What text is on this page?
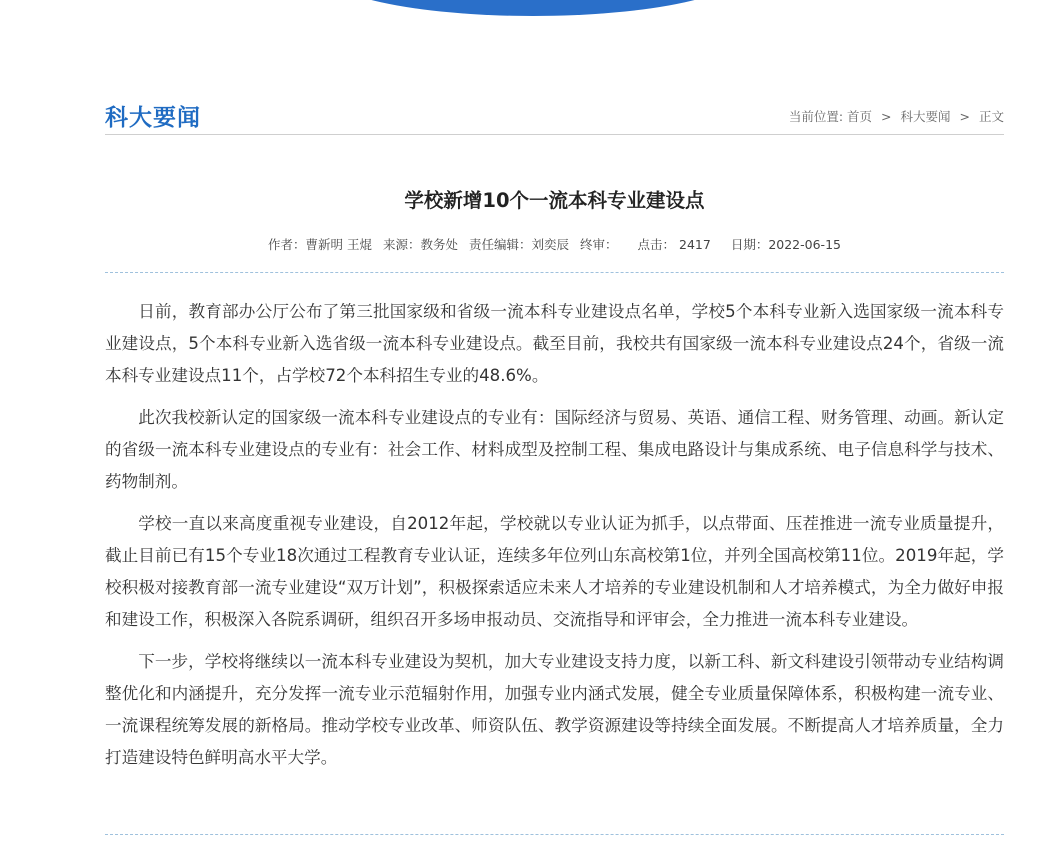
科大要闻	当前位置: 首页 > 科大要闻 > 正文
学校新增10个一流本科专业建设点
作者：曹新明 王焜 来源：教务处 责任编辑：刘奕辰 终审： 点击： 2417 日期：2022-06-15

日前，教育部办公厅公布了第三批国家级和省级一流本科专业建设点名单，学校5个本科专业新入选国家级一流本科专业建设点，5个本科专业新入选省级一流本科专业建设点。截至目前，我校共有国家级一流本科专业建设点24个，省级一流本科专业建设点11个，占学校72个本科招生专业的48.6%。

此次我校新认定的国家级一流本科专业建设点的专业有：国际经济与贸易、英语、通信工程、财务管理、动画。新认定的省级一流本科专业建设点的专业有：社会工作、材料成型及控制工程、集成电路设计与集成系统、电子信息科学与技术、药物制剂。

学校一直以来高度重视专业建设，自2012年起，学校就以专业认证为抓手，以点带面、压茬推进一流专业质量提升，截止目前已有15个专业18次通过工程教育专业认证，连续多年位列山东高校第1位，并列全国高校第11位。2019年起，学校积极对接教育部一流专业建设“双万计划”，积极探索适应未来人才培养的专业建设机制和人才培养模式，为全力做好申报和建设工作，积极深入各院系调研，组织召开多场申报动员、交流指导和评审会，全力推进一流本科专业建设。

下一步，学校将继续以一流本科专业建设为契机，加大专业建设支持力度，以新工科、新文科建设引领带动专业结构调整优化和内涵提升，充分发挥一流专业示范辐射作用，加强专业内涵式发展，健全专业质量保障体系，积极构建一流专业、一流课程统筹发展的新格局。推动学校专业改革、师资队伍、教学资源建设等持续全面发展。不断提高人才培养质量，全力打造建设特色鲜明高水平大学。
